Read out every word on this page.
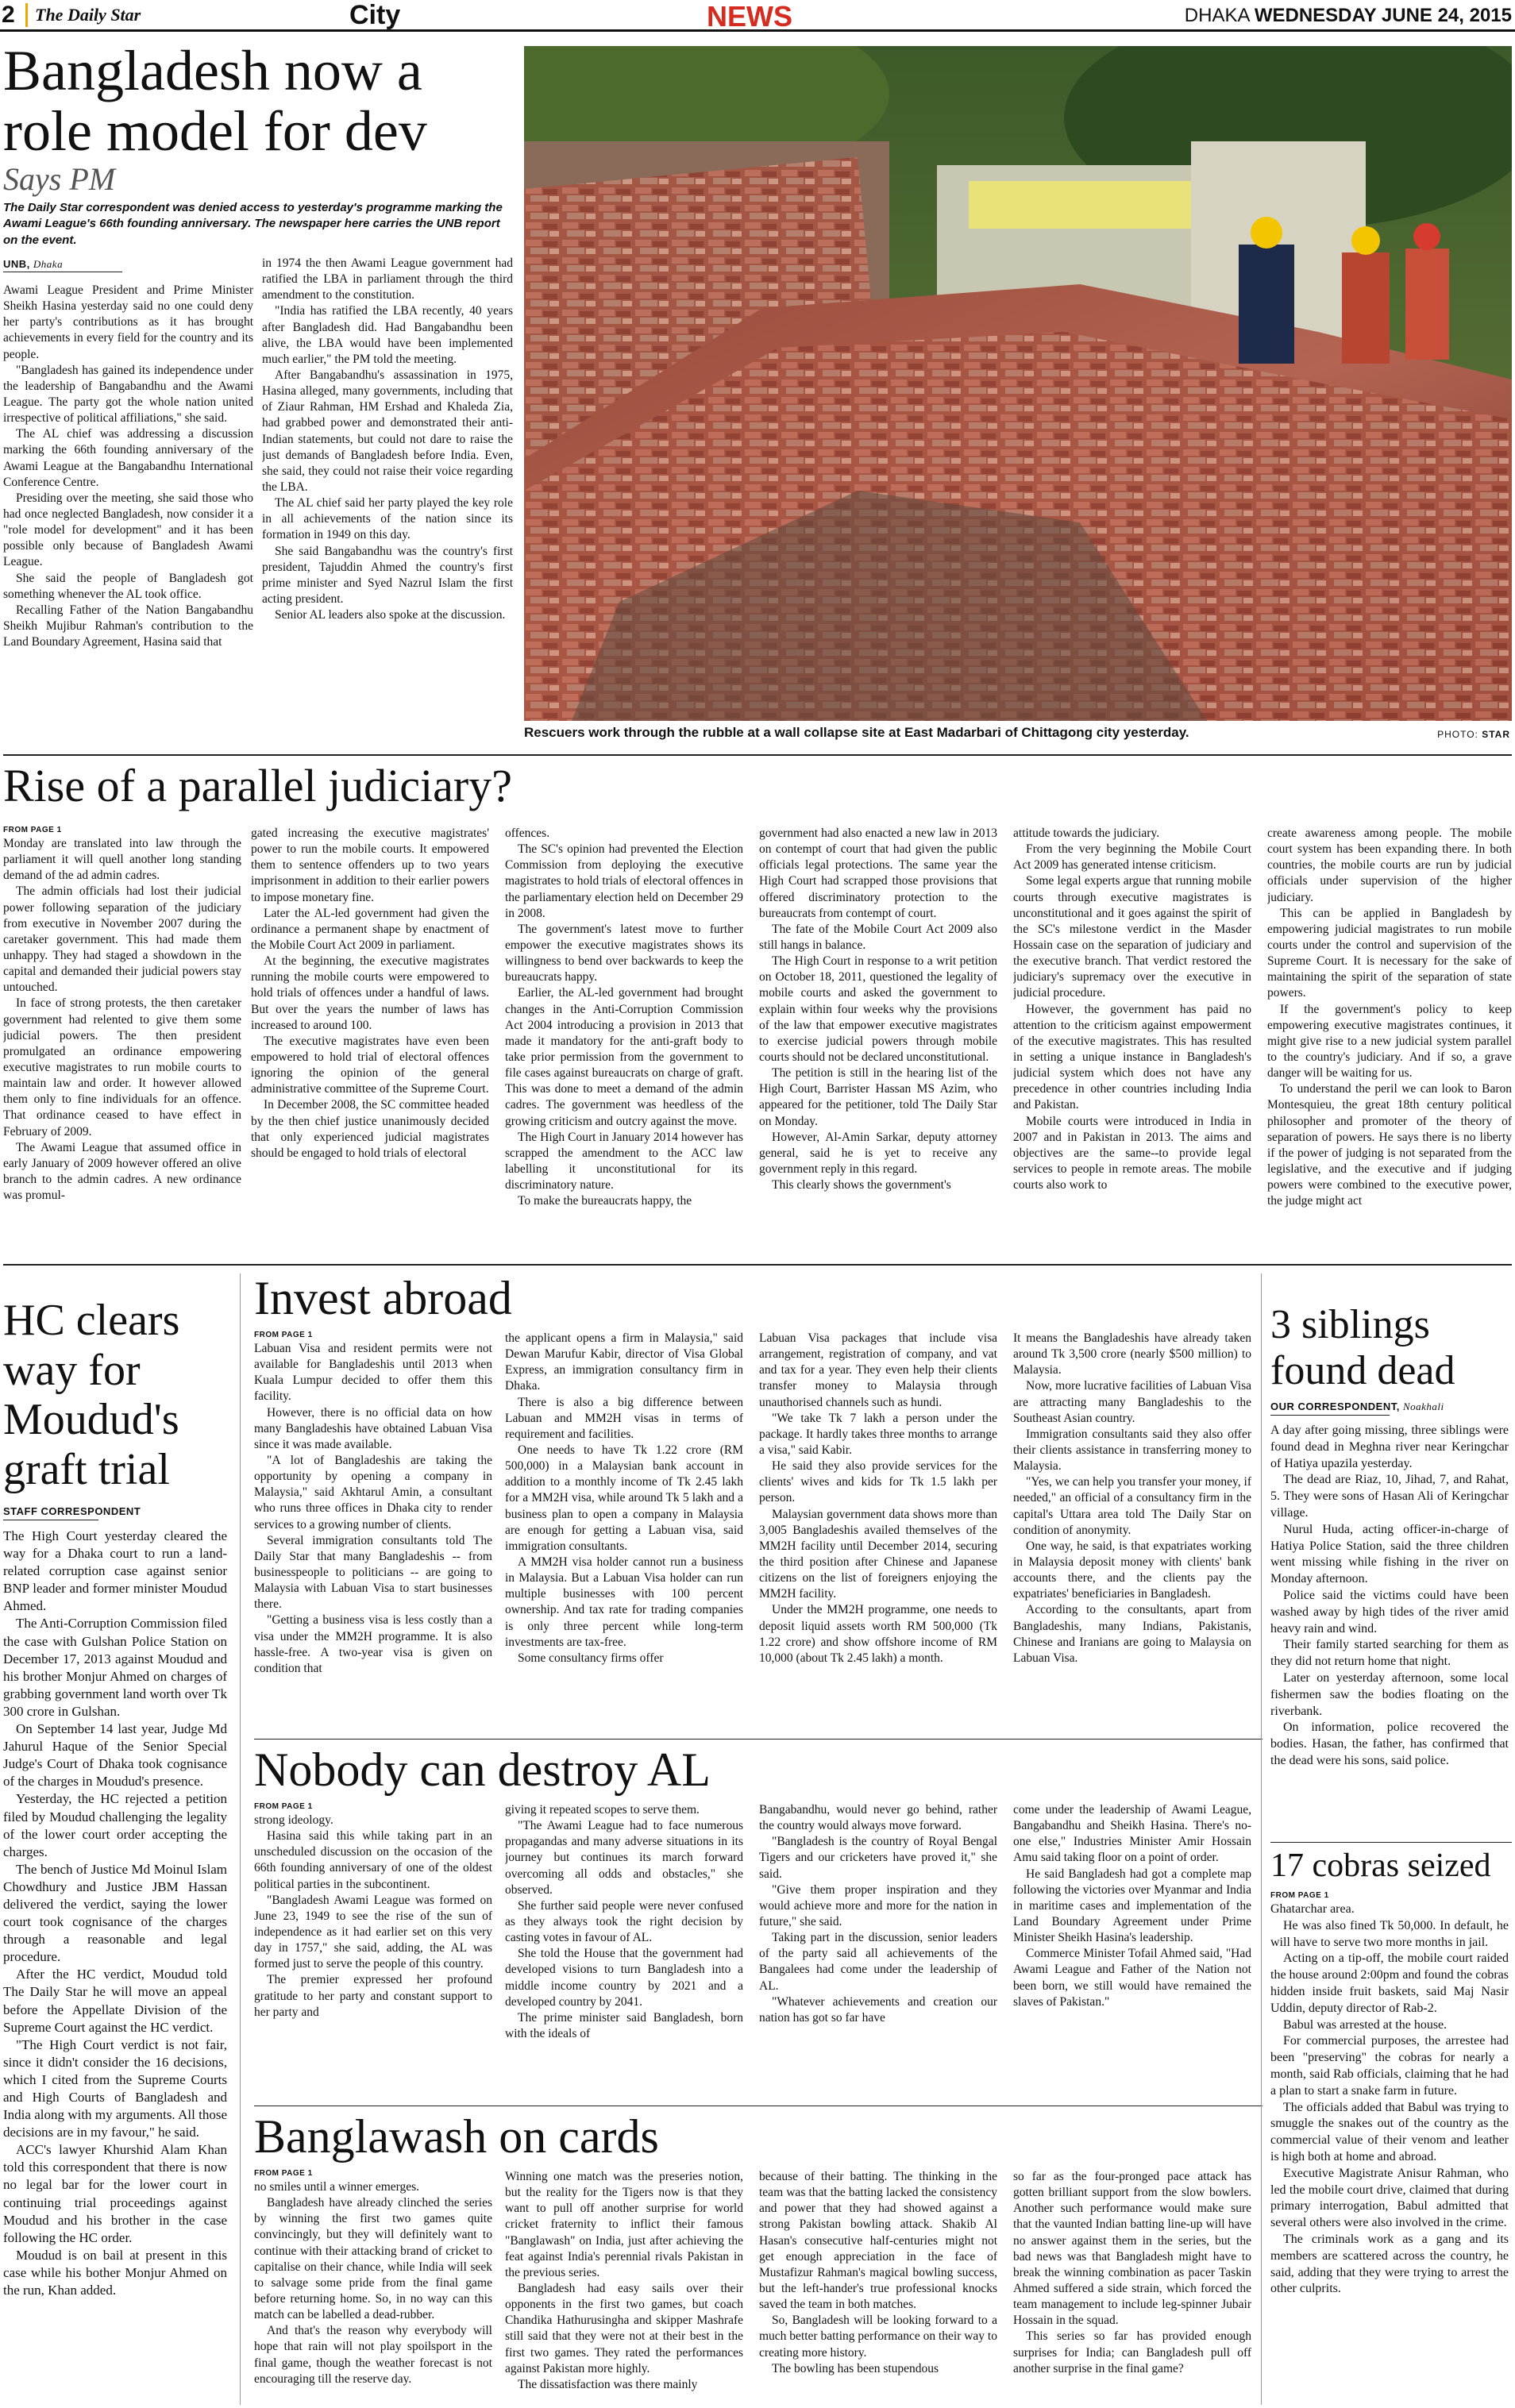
2 The Daily Star	City	NEWS	DHAKA WEDNESDAY JUNE 24, 2015
Bangladesh now a
role model for dev
Says PM
The Daily Star correspondent was denied access to yesterday's programme marking the Awami League's 66th founding anniversary. The newspaper here carries the UNB report on the event.
UNB, Dhaka

Awami League President and Prime Minister Sheikh Hasina yesterday said no one could deny her party's contributions as it has brought achievements in every field for the country and its people.

"Bangladesh has gained its independence under the leadership of Bangabandhu and the Awami League. The party got the whole nation united irrespective of political affiliations," she said.

The AL chief was addressing a discussion marking the 66th founding anniversary of the Awami League at the Bangabandhu International Conference Centre.

Presiding over the meeting, she said those who had once neglected Bangladesh, now consider it a "role model for development" and it has been possible only because of Bangladesh Awami League.

She said the people of Bangladesh got something whenever the AL took office.

Recalling Father of the Nation Bangabandhu Sheikh Mujibur Rahman's contribution to the Land Boundary Agreement, Hasina said that

in 1974 the then Awami League government had ratified the LBA in parliament through the third amendment to the constitution.

"India has ratified the LBA recently, 40 years after Bangladesh did. Had Bangabandhu been alive, the LBA would have been implemented much earlier," the PM told the meeting.

After Bangabandhu's assassination in 1975, Hasina alleged, many governments, including that of Ziaur Rahman, HM Ershad and Khaleda Zia, had grabbed power and demonstrated their anti-Indian statements, but could not dare to raise the just demands of Bangladesh before India. Even, she said, they could not raise their voice regarding the LBA.

The AL chief said her party played the key role in all achievements of the nation since its formation in 1949 on this day.

She said Bangabandhu was the country's first president, Tajuddin Ahmed the country's first prime minister and Syed Nazrul Islam the first acting president.

Senior AL leaders also spoke at the discussion.

Rescuers work through the rubble at a wall collapse site at East Madarbari of Chittagong city yesterday.	PHOTO: STAR
Rise of a parallel judiciary?
FROM PAGE 1

Monday are translated into law through the parliament it will quell another long standing demand of the ad admin cadres.

The admin officials had lost their judicial power following separation of the judiciary from executive in November 2007 during the caretaker government. This had made them unhappy. They had staged a showdown in the capital and demanded their judicial powers stay untouched.

In face of strong protests, the then caretaker government had relented to give them some judicial powers. The then president promulgated an ordinance empowering executive magistrates to run mobile courts to maintain law and order. It however allowed them only to fine individuals for an offence. That ordinance ceased to have effect in February of 2009.

The Awami League that assumed office in early January of 2009 however offered an olive branch to the admin cadres. A new ordinance was promul-

gated increasing the executive magistrates' power to run the mobile courts. It empowered them to sentence offenders up to two years imprisonment in addition to their earlier powers to impose monetary fine.

Later the AL-led government had given the ordinance a permanent shape by enactment of the Mobile Court Act 2009 in parliament.

At the beginning, the executive magistrates running the mobile courts were empowered to hold trials of offences under a handful of laws. But over the years the number of laws has increased to around 100.

The executive magistrates have even been empowered to hold trial of electoral offences ignoring the opinion of the general administrative committee of the Supreme Court.

In December 2008, the SC committee headed by the then chief justice unanimously decided that only experienced judicial magistrates should be engaged to hold trials of electoral

offences.

The SC's opinion had prevented the Election Commission from deploying the executive magistrates to hold trials of electoral offences in the parliamentary election held on December 29 in 2008.

The government's latest move to further empower the executive magistrates shows its willingness to bend over backwards to keep the bureaucrats happy.

Earlier, the AL-led government had brought changes in the Anti-Corruption Commission Act 2004 introducing a provision in 2013 that made it mandatory for the anti-graft body to take prior permission from the government to file cases against bureaucrats on charge of graft. This was done to meet a demand of the admin cadres. The government was heedless of the growing criticism and outcry against the move.

The High Court in January 2014 however has scrapped the amendment to the ACC law labelling it unconstitutional for its discriminatory nature.

To make the bureaucrats happy, the

government had also enacted a new law in 2013 on contempt of court that had given the public officials legal protections. The same year the High Court had scrapped those provisions that offered discriminatory protection to the bureaucrats from contempt of court.

The fate of the Mobile Court Act 2009 also still hangs in balance.

The High Court in response to a writ petition on October 18, 2011, questioned the legality of mobile courts and asked the government to explain within four weeks why the provisions of the law that empower executive magistrates to exercise judicial powers through mobile courts should not be declared unconstitutional.

The petition is still in the hearing list of the High Court, Barrister Hassan MS Azim, who appeared for the petitioner, told The Daily Star on Monday.

However, Al-Amin Sarkar, deputy attorney general, said he is yet to receive any government reply in this regard.

This clearly shows the government's

attitude towards the judiciary.

From the very beginning the Mobile Court Act 2009 has generated intense criticism.

Some legal experts argue that running mobile courts through executive magistrates is unconstitutional and it goes against the spirit of the SC's milestone verdict in the Masder Hossain case on the separation of judiciary and the executive branch. That verdict restored the judiciary's supremacy over the executive in judicial procedure.

However, the government has paid no attention to the criticism against empowerment of the executive magistrates. This has resulted in setting a unique instance in Bangladesh's judicial system which does not have any precedence in other countries including India and Pakistan.

Mobile courts were introduced in India in 2007 and in Pakistan in 2013. The aims and objectives are the same--to provide legal services to people in remote areas. The mobile courts also work to

create awareness among people. The mobile court system has been expanding there. In both countries, the mobile courts are run by judicial officials under supervision of the higher judiciary.

This can be applied in Bangladesh by empowering judicial magistrates to run mobile courts under the control and supervision of the Supreme Court. It is necessary for the sake of maintaining the spirit of the separation of state powers.

If the government's policy to keep empowering executive magistrates continues, it might give rise to a new judicial system parallel to the country's judiciary. And if so, a grave danger will be waiting for us.

To understand the peril we can look to Baron Montesquieu, the great 18th century political philosopher and promoter of the theory of separation of powers. He says there is no liberty if the power of judging is not separated from the legislative, and the executive and if judging powers were combined to the executive power, the judge might act

HC clears
way for
Moudud's
graft trial
STAFF CORRESPONDENT

The High Court yesterday cleared the way for a Dhaka court to run a land-related corruption case against senior BNP leader and former minister Moudud Ahmed.

The Anti-Corruption Commission filed the case with Gulshan Police Station on December 17, 2013 against Moudud and his brother Monjur Ahmed on charges of grabbing government land worth over Tk 300 crore in Gulshan.

On September 14 last year, Judge Md Jahurul Haque of the Senior Special Judge's Court of Dhaka took cognisance of the charges in Moudud's presence.

Yesterday, the HC rejected a petition filed by Moudud challenging the legality of the lower court order accepting the charges.

The bench of Justice Md Moinul Islam Chowdhury and Justice JBM Hassan delivered the verdict, saying the lower court took cognisance of the charges through a reasonable and legal procedure.

After the HC verdict, Moudud told The Daily Star he will move an appeal before the Appellate Division of the Supreme Court against the HC verdict.

"The High Court verdict is not fair, since it didn't consider the 16 decisions, which I cited from the Supreme Courts and High Courts of Bangladesh and India along with my arguments. All those decisions are in my favour," he said.

ACC's lawyer Khurshid Alam Khan told this correspondent that there is now no legal bar for the lower court in continuing trial proceedings against Moudud and his brother in the case following the HC order.

Moudud is on bail at present in this case while his bother Monjur Ahmed on the run, Khan added.

Invest abroad
FROM PAGE 1

Labuan Visa and resident permits were not available for Bangladeshis until 2013 when Kuala Lumpur decided to offer them this facility.

However, there is no official data on how many Bangladeshis have obtained Labuan Visa since it was made available.

"A lot of Bangladeshis are taking the opportunity by opening a company in Malaysia," said Akhtarul Amin, a consultant who runs three offices in Dhaka city to render services to a growing number of clients.

Several immigration consultants told The Daily Star that many Bangladeshis -- from businesspeople to politicians -- are going to Malaysia with Labuan Visa to start businesses there.

"Getting a business visa is less costly than a visa under the MM2H programme. It is also hassle-free. A two-year visa is given on condition that

the applicant opens a firm in Malaysia," said Dewan Marufur Kabir, director of Visa Global Express, an immigration consultancy firm in Dhaka.

There is also a big difference between Labuan and MM2H visas in terms of requirement and facilities.

One needs to have Tk 1.22 crore (RM 500,000) in a Malaysian bank account in addition to a monthly income of Tk 2.45 lakh for a MM2H visa, while around Tk 5 lakh and a business plan to open a company in Malaysia are enough for getting a Labuan visa, said immigration consultants.

A MM2H visa holder cannot run a business in Malaysia. But a Labuan Visa holder can run multiple businesses with 100 percent ownership. And tax rate for trading companies is only three percent while long-term investments are tax-free.

Some consultancy firms offer

Labuan Visa packages that include visa arrangement, registration of company, and vat and tax for a year. They even help their clients transfer money to Malaysia through unauthorised channels such as hundi.

"We take Tk 7 lakh a person under the package. It hardly takes three months to arrange a visa," said Kabir.

He said they also provide services for the clients' wives and kids for Tk 1.5 lakh per person.

Malaysian government data shows more than 3,005 Bangladeshis availed themselves of the MM2H facility until December 2014, securing the third position after Chinese and Japanese citizens on the list of foreigners enjoying the MM2H facility.

Under the MM2H programme, one needs to deposit liquid assets worth RM 500,000 (Tk 1.22 crore) and show offshore income of RM 10,000 (about Tk 2.45 lakh) a month.

It means the Bangladeshis have already taken around Tk 3,500 crore (nearly $500 million) to Malaysia.

Now, more lucrative facilities of Labuan Visa are attracting many Bangladeshis to the Southeast Asian country.

Immigration consultants said they also offer their clients assistance in transferring money to Malaysia.

"Yes, we can help you transfer your money, if needed," an official of a consultancy firm in the capital's Uttara area told The Daily Star on condition of anonymity.

One way, he said, is that expatriates working in Malaysia deposit money with clients' bank accounts there, and the clients pay the expatriates' beneficiaries in Bangladesh.

According to the consultants, apart from Bangladeshis, many Indians, Pakistanis, Chinese and Iranians are going to Malaysia on Labuan Visa.

Nobody can destroy AL
FROM PAGE 1

strong ideology.

Hasina said this while taking part in an unscheduled discussion on the occasion of the 66th founding anniversary of one of the oldest political parties in the subcontinent.

"Bangladesh Awami League was formed on June 23, 1949 to see the rise of the sun of independence as it had earlier set on this very day in 1757," she said, adding, the AL was formed just to serve the people of this country.

The premier expressed her profound gratitude to her party and constant support to her party and

giving it repeated scopes to serve them.

"The Awami League had to face numerous propagandas and many adverse situations in its journey but continues its march forward overcoming all odds and obstacles," she observed.

She further said people were never confused as they always took the right decision by casting votes in favour of AL.

She told the House that the government had developed visions to turn Bangladesh into a middle income country by 2021 and a developed country by 2041.

The prime minister said Bangladesh, born with the ideals of

Bangabandhu, would never go behind, rather the country would always move forward.

"Bangladesh is the country of Royal Bengal Tigers and our cricketers have proved it," she said.

"Give them proper inspiration and they would achieve more and more for the nation in future," she said.

Taking part in the discussion, senior leaders of the party said all achievements of the Bangalees had come under the leadership of AL.

"Whatever achievements and creation our nation has got so far have

come under the leadership of Awami League, Bangabandhu and Sheikh Hasina. There's no-one else," Industries Minister Amir Hossain Amu said taking floor on a point of order.

He said Bangladesh had got a complete map following the victories over Myanmar and India in maritime cases and implementation of the Land Boundary Agreement under Prime Minister Sheikh Hasina's leadership.

Commerce Minister Tofail Ahmed said, "Had Awami League and Father of the Nation not been born, we still would have remained the slaves of Pakistan."

Banglawash on cards
FROM PAGE 1

no smiles until a winner emerges.

Bangladesh have already clinched the series by winning the first two games quite convincingly, but they will definitely want to continue with their attacking brand of cricket to capitalise on their chance, while India will seek to salvage some pride from the final game before returning home. So, in no way can this match can be labelled a dead-rubber.

And that's the reason why everybody will hope that rain will not play spoilsport in the final game, though the weather forecast is not encouraging till the reserve day.

Winning one match was the preseries notion, but the reality for the Tigers now is that they want to pull off another surprise for world cricket fraternity to inflict their famous "Banglawash" on India, just after achieving the feat against India's perennial rivals Pakistan in the previous series.

Bangladesh had easy sails over their opponents in the first two games, but coach Chandika Hathurusingha and skipper Mashrafe still said that they were not at their best in the first two games. They rated the performances against Pakistan more highly.

The dissatisfaction was there mainly

because of their batting. The thinking in the team was that the batting lacked the consistency and power that they had showed against a strong Pakistan bowling attack. Shakib Al Hasan's consecutive half-centuries might not get enough appreciation in the face of Mustafizur Rahman's magical bowling success, but the left-hander's true professional knocks saved the team in both matches.

So, Bangladesh will be looking forward to a much better batting performance on their way to creating more history.

The bowling has been stupendous

so far as the four-pronged pace attack has gotten brilliant support from the slow bowlers. Another such performance would make sure that the vaunted Indian batting line-up will have no answer against them in the series, but the bad news was that Bangladesh might have to break the winning combination as pacer Taskin Ahmed suffered a side strain, which forced the team management to include leg-spinner Jubair Hossain in the squad.

This series so far has provided enough surprises for India; can Bangladesh pull off another surprise in the final game?

3 siblings
found dead
OUR CORRESPONDENT, Noakhali

A day after going missing, three siblings were found dead in Meghna river near Keringchar of Hatiya upazila yesterday.

The dead are Riaz, 10, Jihad, 7, and Rahat, 5. They were sons of Hasan Ali of Keringchar village.

Nurul Huda, acting officer-in-charge of Hatiya Police Station, said the three children went missing while fishing in the river on Monday afternoon.

Police said the victims could have been washed away by high tides of the river amid heavy rain and wind.

Their family started searching for them as they did not return home that night.

Later on yesterday afternoon, some local fishermen saw the bodies floating on the riverbank.

On information, police recovered the bodies. Hasan, the father, has confirmed that the dead were his sons, said police.

17 cobras seized
FROM PAGE 1

Ghatarchar area.

He was also fined Tk 50,000. In default, he will have to serve two more months in jail.

Acting on a tip-off, the mobile court raided the house around 2:00pm and found the cobras hidden inside fruit baskets, said Maj Nasir Uddin, deputy director of Rab-2.

Babul was arrested at the house.

For commercial purposes, the arrestee had been "preserving" the cobras for nearly a month, said Rab officials, claiming that he had a plan to start a snake farm in future.

The officials added that Babul was trying to smuggle the snakes out of the country as the commercial value of their venom and leather is high both at home and abroad.

Executive Magistrate Anisur Rahman, who led the mobile court drive, claimed that during primary interrogation, Babul admitted that several others were also involved in the crime.

The criminals work as a gang and its members are scattered across the country, he said, adding that they were trying to arrest the other culprits.
